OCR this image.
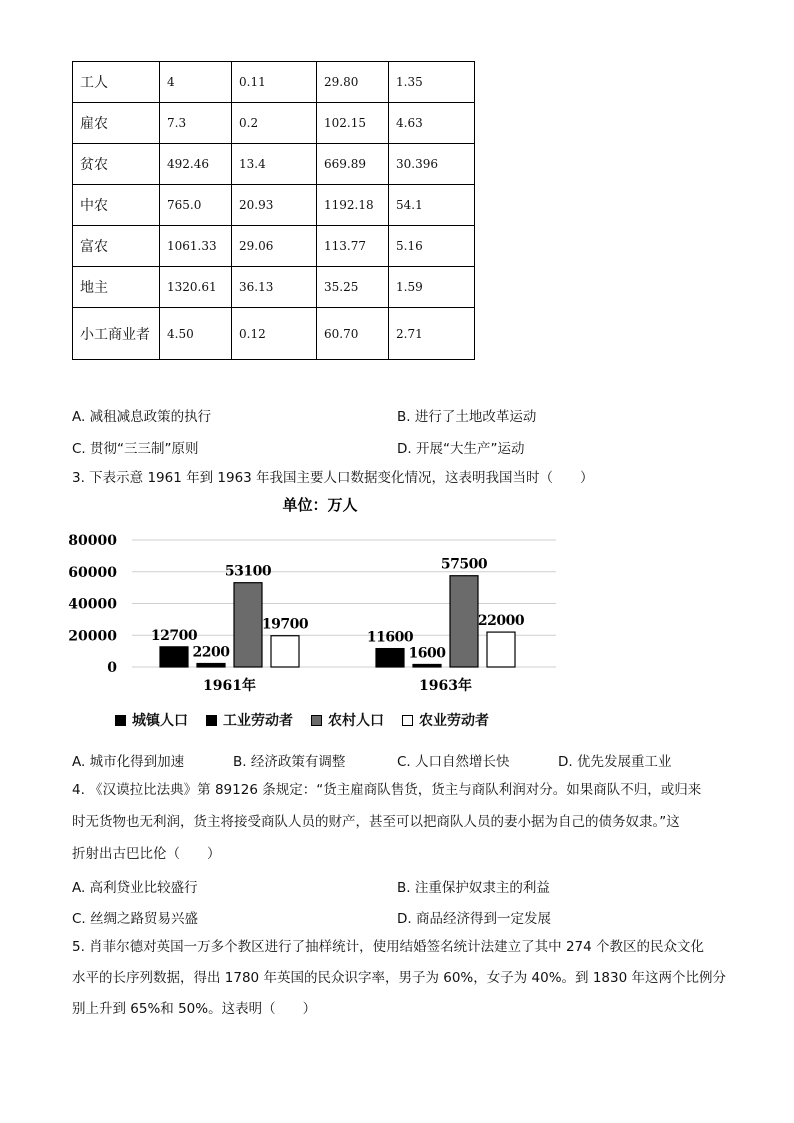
工人	4	0.11	29.80	1.35
雇农	7.3	0.2	102.15	4.63
贫农	492.46	13.4	669.89	30.396
中农	765.0	20.93	1192.18	54.1
富农	1061.33	29.06	113.77	5.16
地主	1320.61	36.13	35.25	1.59
小工商业者	4.50	0.12	60.70	2.71
A. 减租减息政策的执行	B. 进行了土地改革运动
C. 贯彻“三三制”原则	D. 开展“大生产”运动
3. 下表示意 1961 年到 1963 年我国主要人口数据变化情况，这表明我国当时（　　）
单位：万人
80000
60000
40000
20000
0
12700
2200
53100
19700
1961年
11600
1600
57500
22000
1963年
城镇人口	工业劳动者	农村人口	农业劳动者
A. 城市化得到加速	B. 经济政策有调整	C. 人口自然增长快	D. 优先发展重工业
4. 《汉谟拉比法典》第 89126 条规定：“货主雇商队售货，货主与商队利润对分。如果商队不归，或归来
时无货物也无利润，货主将接受商队人员的财产，甚至可以把商队人员的妻小据为自己的债务奴隶。”这
折射出古巴比伦（　　）
A. 高利贷业比较盛行	B. 注重保护奴隶主的利益
C. 丝绸之路贸易兴盛	D. 商品经济得到一定发展
5. 肖菲尔德对英国一万多个教区进行了抽样统计，使用结婚签名统计法建立了其中 274 个教区的民众文化
水平的长序列数据，得出 1780 年英国的民众识字率，男子为 60%，女子为 40%。到 1830 年这两个比例分
别上升到 65%和 50%。这表明（　　）
